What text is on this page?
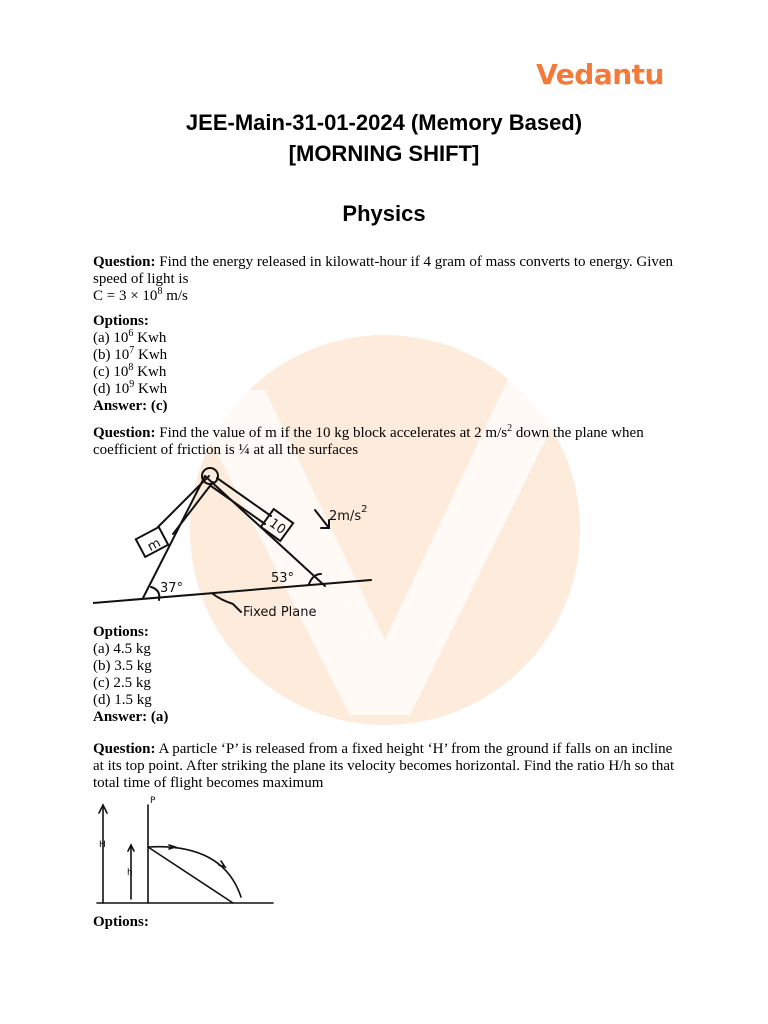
Vedantu
JEE-Main-31-01-2024 (Memory Based)
[MORNING SHIFT]
Physics

Question: Find the energy released in kilowatt-hour if 4 gram of mass converts to energy. Given speed of light is

$C = 3 \times 10^8$ m/s

Options:

(a) $10^6$ Kwh

(b) $10^7$ Kwh

(c) $10^8$ Kwh

(d) $10^9$ Kwh

Answer: (c)

Question: Find the value of m if the 10 kg block accelerates at 2 $m/s^2$ down the plane when coefficient of friction is ¼ at all the surfaces

m
10	$2m/s^2$
37°
53°
Fixed Plane

Options:

(a) 4.5 kg

(b) 3.5 kg

(c) 2.5 kg

(d) 1.5 kg

Answer: (a)

Question: A particle ‘P’ is released from a fixed height ‘H’ from the ground if falls on an incline at its top point. After striking the plane its velocity becomes horizontal. Find the ratio H/h so that total time of flight becomes maximum

P
H
h

Options:
